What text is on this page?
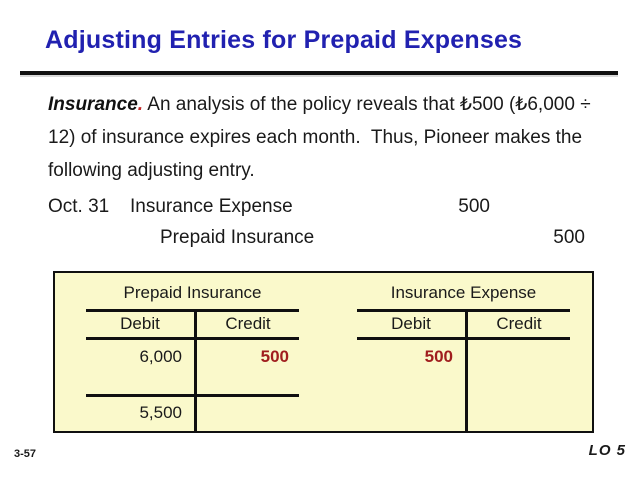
Adjusting Entries for Prepaid Expenses
Insurance. An analysis of the policy reveals that ₺500 (₺6,000 ÷
12) of insurance expires each month.  Thus, Pioneer makes the
following adjusting entry.
Oct. 31 Insurance Expense	500
Prepaid Insurance	500
Prepaid Insurance
Debit	Credit
6,000	500
5,500
Insurance Expense
Debit	Credit
500
3-57	LO 5
